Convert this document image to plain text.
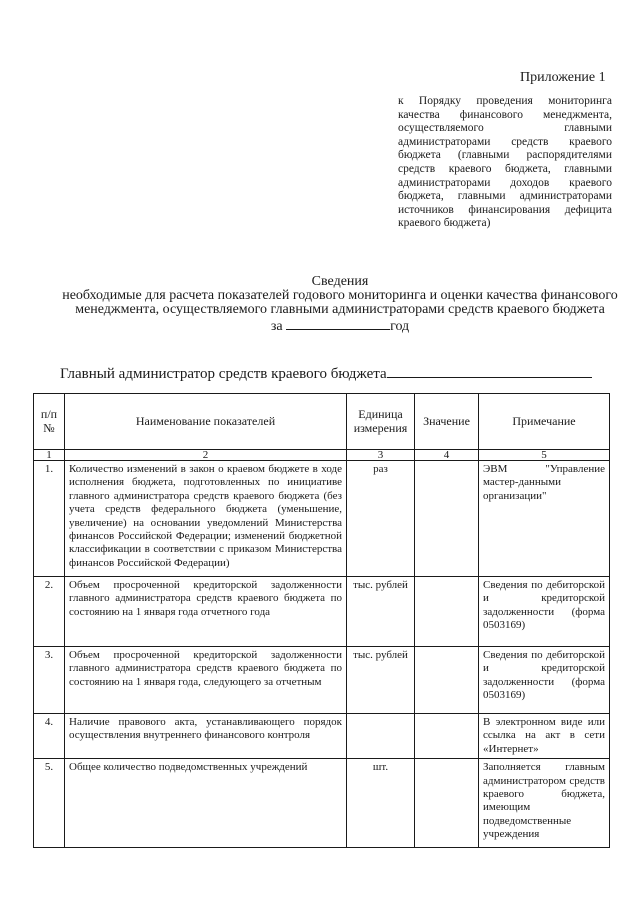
Приложение 1
к Порядку проведения мониторинга качества финансового менеджмента, осуществляемого главными администраторами средств краевого бюджета (главными распорядителями средств краевого бюджета, главными администраторами доходов краевого бюджета, главными администраторами источников финансирования дефицита краевого бюджета)
Сведения
необходимые для расчета показателей годового мониторинга и оценки качества финансового менеджмента, осуществляемого главными администраторами средств краевого бюджета
за	год
Главный администратор средств краевого бюджета
п/п №	Наименование показателей	Единица измерения	Значение	Примечание
1	2	3	4	5
1.	Количество изменений в закон о краевом бюджете в ходе исполнения бюджета, подготовленных по инициативе главного администратора средств краевого бюджета (без учета средств федерального бюджета (уменьшение, увеличение) на основании уведомлений Министерства финансов Российской Федерации; изменений бюджетной классификации в соответствии с приказом Министерства финансов Российской Федерации)	раз		ЭВМ "Управление мастер-данными организации"
2.	Объем просроченной кредиторской задолженности главного администратора средств краевого бюджета по состоянию на 1 января года отчетного года	тыс. рублей		Сведения по дебиторской и кредиторской задолженности (форма 0503169)
3.	Объем просроченной кредиторской задолженности главного администратора средств краевого бюджета по состоянию на 1 января года, следующего за отчетным	тыс. рублей		Сведения по дебиторской и кредиторской задолженности (форма 0503169)
4.	Наличие правового акта, устанавливающего порядок осуществления внутреннего финансового контроля			В электронном виде или ссылка на акт в сети «Интернет»
5.	Общее количество подведомственных учреждений	шт.		Заполняется главным администратором средств краевого бюджета, имеющим подведомственные учреждения
